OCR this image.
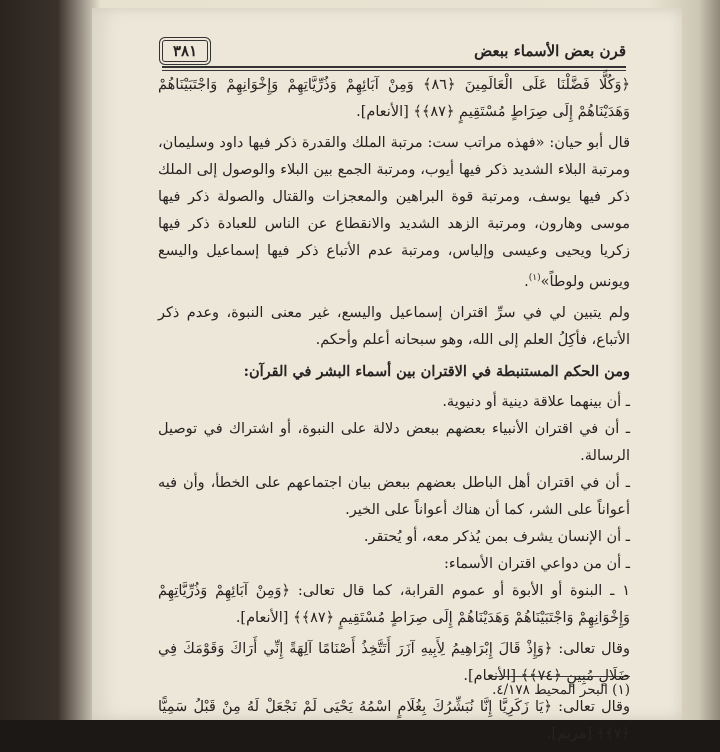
قرن بعض الأسماء ببعض
٣٨١

﴿وَكُلًّا فَضَّلْنَا عَلَى الْعَالَمِينَ ﴿٨٦﴾ وَمِنْ آبَائِهِمْ وَذُرِّيَّاتِهِمْ وَإِخْوَانِهِمْ وَاجْتَبَيْنَاهُمْ وَهَدَيْنَاهُمْ إِلَى صِرَاطٍ مُسْتَقِيمٍ ﴿٨٧﴾﴾ [الأنعام].

قال أبو حيان: «فهذه مراتب ست: مرتبة الملك والقدرة ذكر فيها داود وسليمان، ومرتبة البلاء الشديد ذكر فيها أيوب، ومرتبة الجمع بين البلاء والوصول إلى الملك ذكر فيها يوسف، ومرتبة قوة البراهين والمعجزات والقتال والصولة ذكر فيها موسى وهارون، ومرتبة الزهد الشديد والانقطاع عن الناس للعبادة ذكر فيها زكريا ويحيى وعيسى وإلياس، ومرتبة عدم الأتباع ذكر فيها إسماعيل واليسع ويونس ولوطاً»$^{(١)}$.

ولم يتبين لي في سرِّ اقتران إسماعيل واليسع، غير معنى النبوة، وعدم ذكر الأتباع، فأكِلُ العلم إلى الله، وهو سبحانه أعلم وأحكم.

ومن الحكم المستنبطة في الاقتران بين أسماء البشر في القرآن:

ـ أن بينهما علاقة دينية أو دنيوية.

ـ أن في اقتران الأنبياء بعضهم ببعض دلالة على النبوة، أو اشتراك في توصيل الرسالة.

ـ أن في اقتران أهل الباطل بعضهم ببعض بيان اجتماعهم على الخطأ، وأن فيه أعواناً على الشر، كما أن هناك أعواناً على الخير.

ـ أن الإنسان يشرف بمن يُذكر معه، أو يُحتقر.

ـ أن من دواعي اقتران الأسماء:

١ ـ البنوة أو الأبوة أو عموم القرابة، كما قال تعالى: ﴿وَمِنْ آبَائِهِمْ وَذُرِّيَّاتِهِمْ وَإِخْوَانِهِمْ وَاجْتَبَيْنَاهُمْ وَهَدَيْنَاهُمْ إِلَى صِرَاطٍ مُسْتَقِيمٍ ﴿٨٧﴾﴾ [الأنعام].

وقال تعالى: ﴿وَإِذْ قَالَ إِبْرَاهِيمُ لِأَبِيهِ آزَرَ أَتَتَّخِذُ أَصْنَامًا آلِهَةً إِنِّي أَرَاكَ وَقَوْمَكَ فِي ضَلَالٍ مُبِينٍ ﴿٧٤﴾﴾ [الأنعام].

وقال تعالى: ﴿يَا زَكَرِيَّا إِنَّا نُبَشِّرُكَ بِغُلَامٍ اسْمُهُ يَحْيَى لَمْ نَجْعَلْ لَهُ مِنْ قَبْلُ سَمِيًّا ﴿٧﴾﴾ [مريم].

(١) البحر المحيط ٤/١٧٨.
